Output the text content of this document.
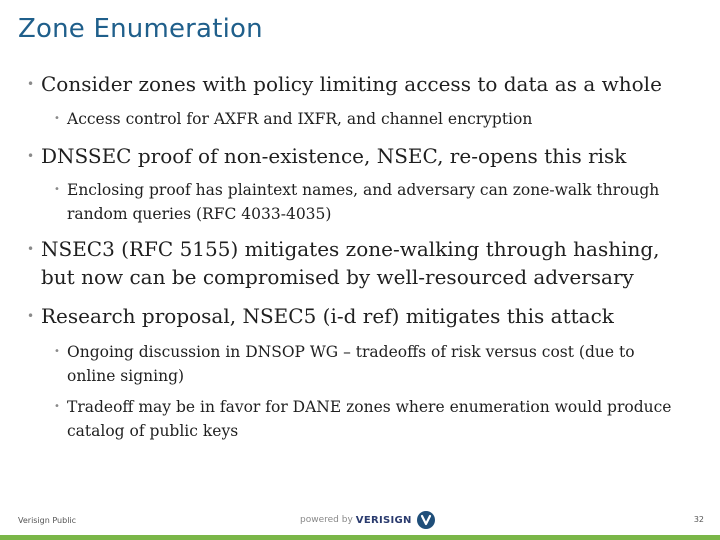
Zone Enumeration
• Consider zones with policy limiting access to data as a whole
• Access control for AXFR and IXFR, and channel encryption
• DNSSEC proof of non-existence, NSEC, re-opens this risk
• Enclosing proof has plaintext names, and adversary can zone-walk through random queries (RFC 4033-4035)
• NSEC3 (RFC 5155) mitigates zone-walking through hashing, but now can be compromised by well-resourced adversary
• Research proposal, NSEC5 (i-d ref) mitigates this attack
• Ongoing discussion in DNSOP WG – tradeoffs of risk versus cost (due to online signing)
• Tradeoff may be in favor for DANE zones where enumeration would produce catalog of public keys
Verisign Public	powered by VERISIGN	32
